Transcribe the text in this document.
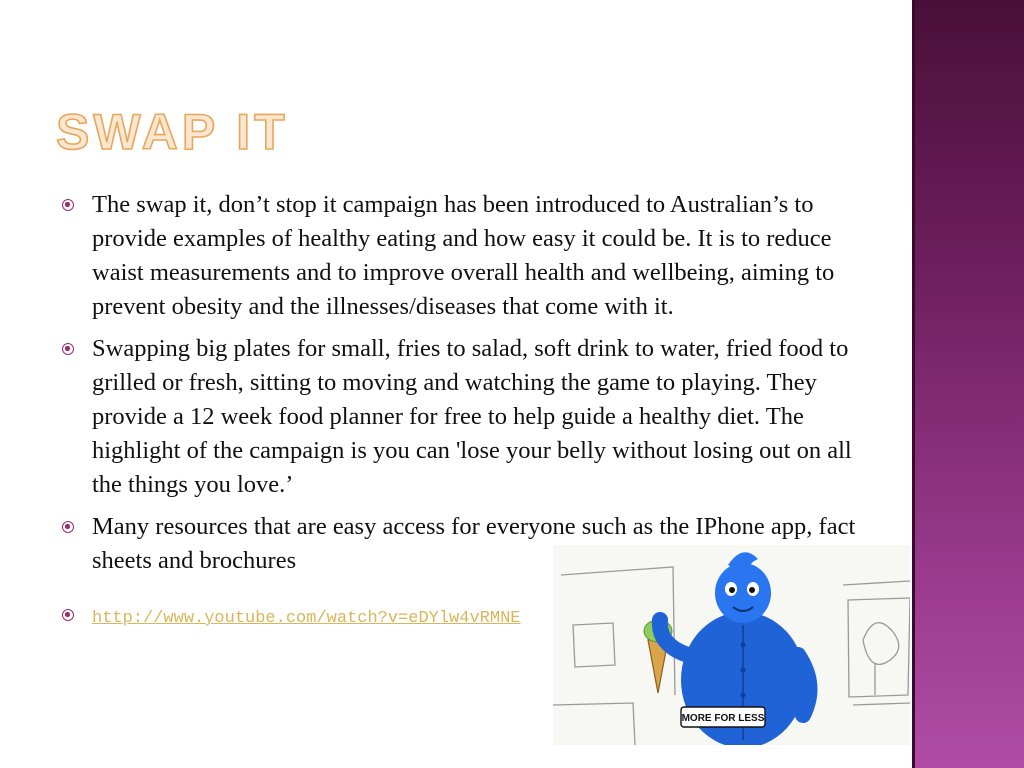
SWAP IT
The swap it, don’t stop it campaign has been introduced to Australian’s to provide examples of healthy eating and how easy it could be. It is to reduce waist measurements and to improve overall health and wellbeing, aiming to prevent obesity and the illnesses/diseases that come with it.
Swapping big plates for small, fries to salad, soft drink to water, fried food to grilled or fresh, sitting to moving and watching the game to playing. They provide a 12 week food planner for free to help guide a healthy diet. The highlight of the campaign is you can 'lose your belly without losing out on all the things you love.’
Many resources that are easy access for everyone such as the IPhone app, fact sheets and brochures
http://www.youtube.com/watch?v=eDYlw4vRMNE
MORE FOR LESS
